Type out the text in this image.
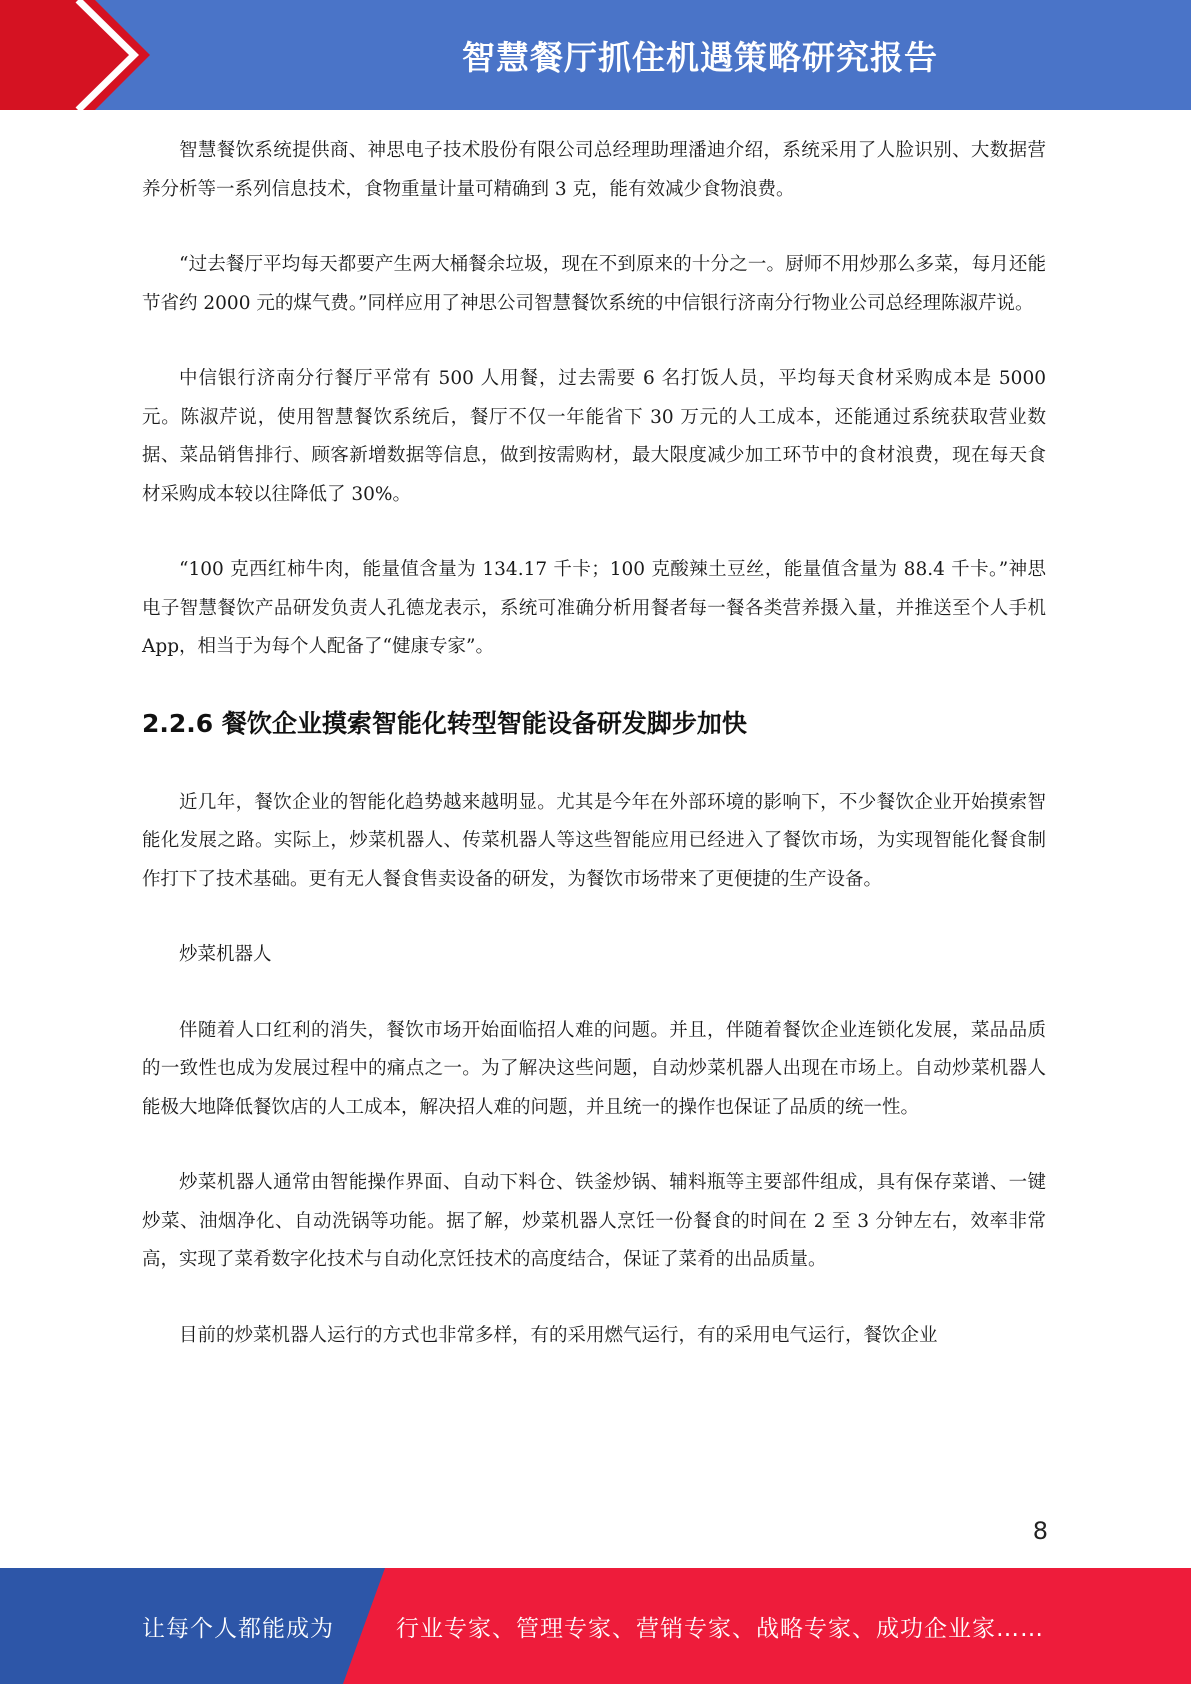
智慧餐厅抓住机遇策略研究报告

智慧餐饮系统提供商、神思电子技术股份有限公司总经理助理潘迪介绍，系统采用了人脸识别、大数据营养分析等一系列信息技术，食物重量计量可精确到 3 克，能有效减少食物浪费。

“过去餐厅平均每天都要产生两大桶餐余垃圾，现在不到原来的十分之一。厨师不用炒那么多菜，每月还能节省约 2000 元的煤气费。”同样应用了神思公司智慧餐饮系统的中信银行济南分行物业公司总经理陈淑芹说。

中信银行济南分行餐厅平常有 500 人用餐，过去需要 6 名打饭人员，平均每天食材采购成本是 5000 元。陈淑芹说，使用智慧餐饮系统后，餐厅不仅一年能省下 30 万元的人工成本，还能通过系统获取营业数据、菜品销售排行、顾客新增数据等信息，做到按需购材，最大限度减少加工环节中的食材浪费，现在每天食材采购成本较以往降低了 30%。

“100 克西红柿牛肉，能量值含量为 134.17 千卡；100 克酸辣土豆丝，能量值含量为 88.4 千卡。”神思电子智慧餐饮产品研发负责人孔德龙表示，系统可准确分析用餐者每一餐各类营养摄入量，并推送至个人手机 App，相当于为每个人配备了“健康专家”。

2.2.6 餐饮企业摸索智能化转型智能设备研发脚步加快

近几年，餐饮企业的智能化趋势越来越明显。尤其是今年在外部环境的影响下，不少餐饮企业开始摸索智能化发展之路。实际上，炒菜机器人、传菜机器人等这些智能应用已经进入了餐饮市场，为实现智能化餐食制作打下了技术基础。更有无人餐食售卖设备的研发，为餐饮市场带来了更便捷的生产设备。

炒菜机器人

伴随着人口红利的消失，餐饮市场开始面临招人难的问题。并且，伴随着餐饮企业连锁化发展，菜品品质的一致性也成为发展过程中的痛点之一。为了解决这些问题，自动炒菜机器人出现在市场上。自动炒菜机器人能极大地降低餐饮店的人工成本，解决招人难的问题，并且统一的操作也保证了品质的统一性。

炒菜机器人通常由智能操作界面、自动下料仓、铁釜炒锅、辅料瓶等主要部件组成，具有保存菜谱、一键炒菜、油烟净化、自动洗锅等功能。据了解，炒菜机器人烹饪一份餐食的时间在 2 至 3 分钟左右，效率非常高，实现了菜肴数字化技术与自动化烹饪技术的高度结合，保证了菜肴的出品质量。

目前的炒菜机器人运行的方式也非常多样，有的采用燃气运行，有的采用电气运行，餐饮企业

8
让每个人都能成为	行业专家、管理专家、营销专家、战略专家、成功企业家……
